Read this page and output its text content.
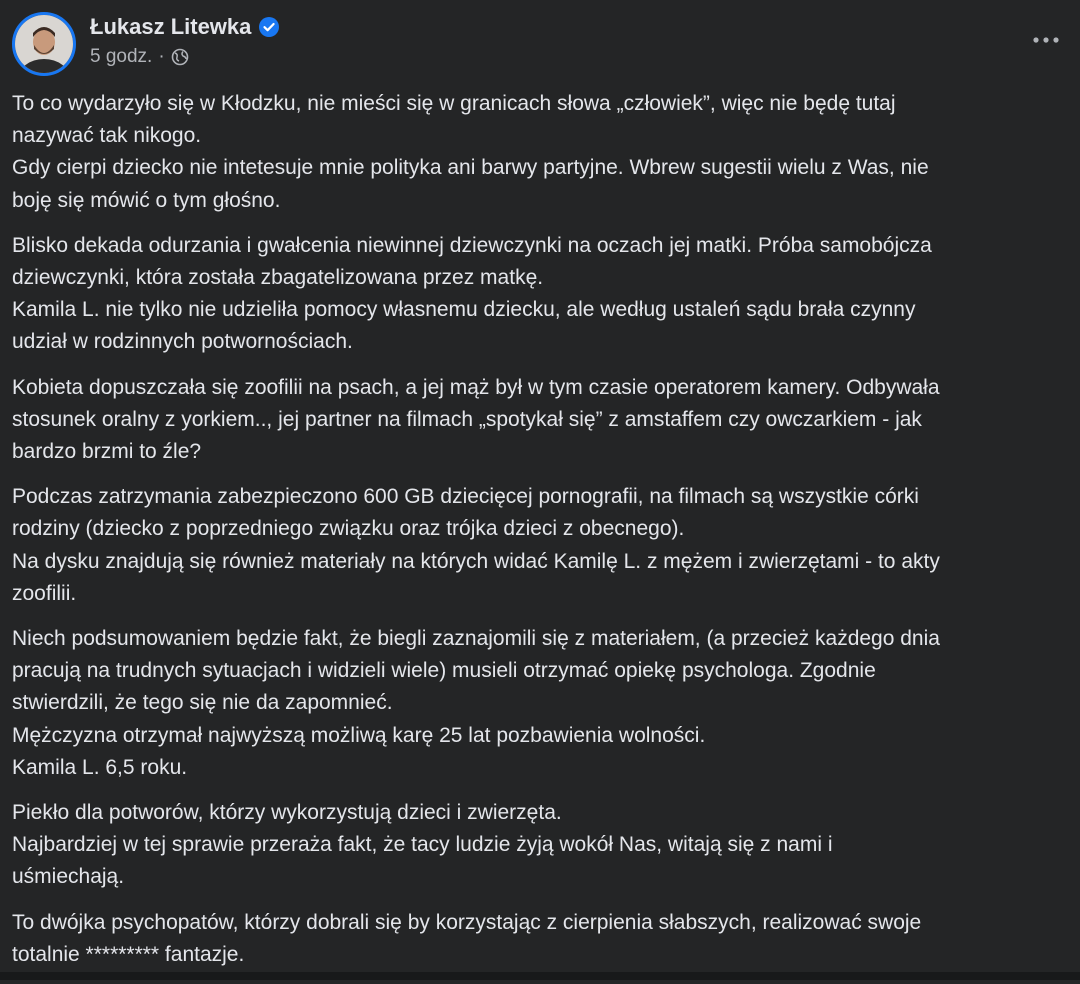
Łukasz Litewka
5 godz. ·
To co wydarzyło się w Kłodzku, nie mieści się w granicach słowa „człowiek”, więc nie będę tutaj
nazywać tak nikogo.
Gdy cierpi dziecko nie intetesuje mnie polityka ani barwy partyjne. Wbrew sugestii wielu z Was, nie
boję się mówić o tym głośno.
Blisko dekada odurzania i gwałcenia niewinnej dziewczynki na oczach jej matki. Próba samobójcza
dziewczynki, która została zbagatelizowana przez matkę.
Kamila L. nie tylko nie udzieliła pomocy własnemu dziecku, ale według ustaleń sądu brała czynny
udział w rodzinnych potwornościach.
Kobieta dopuszczała się zoofilii na psach, a jej mąż był w tym czasie operatorem kamery. Odbywała
stosunek oralny z yorkiem.., jej partner na filmach „spotykał się” z amstaffem czy owczarkiem - jak
bardzo brzmi to źle?
Podczas zatrzymania zabezpieczono 600 GB dziecięcej pornografii, na filmach są wszystkie córki
rodziny (dziecko z poprzedniego związku oraz trójka dzieci z obecnego).
Na dysku znajdują się również materiały na których widać Kamilę L. z mężem i zwierzętami - to akty
zoofilii.
Niech podsumowaniem będzie fakt, że biegli zaznajomili się z materiałem, (a przecież każdego dnia
pracują na trudnych sytuacjach i widzieli wiele) musieli otrzymać opiekę psychologa. Zgodnie
stwierdzili, że tego się nie da zapomnieć.
Mężczyzna otrzymał najwyższą możliwą karę 25 lat pozbawienia wolności.
Kamila L. 6,5 roku.
Piekło dla potworów, którzy wykorzystują dzieci i zwierzęta.
Najbardziej w tej sprawie przeraża fakt, że tacy ludzie żyją wokół Nas, witają się z nami i
uśmiechają.
To dwójka psychopatów, którzy dobrali się by korzystając z cierpienia słabszych, realizować swoje
totalnie ********* fantazje.
